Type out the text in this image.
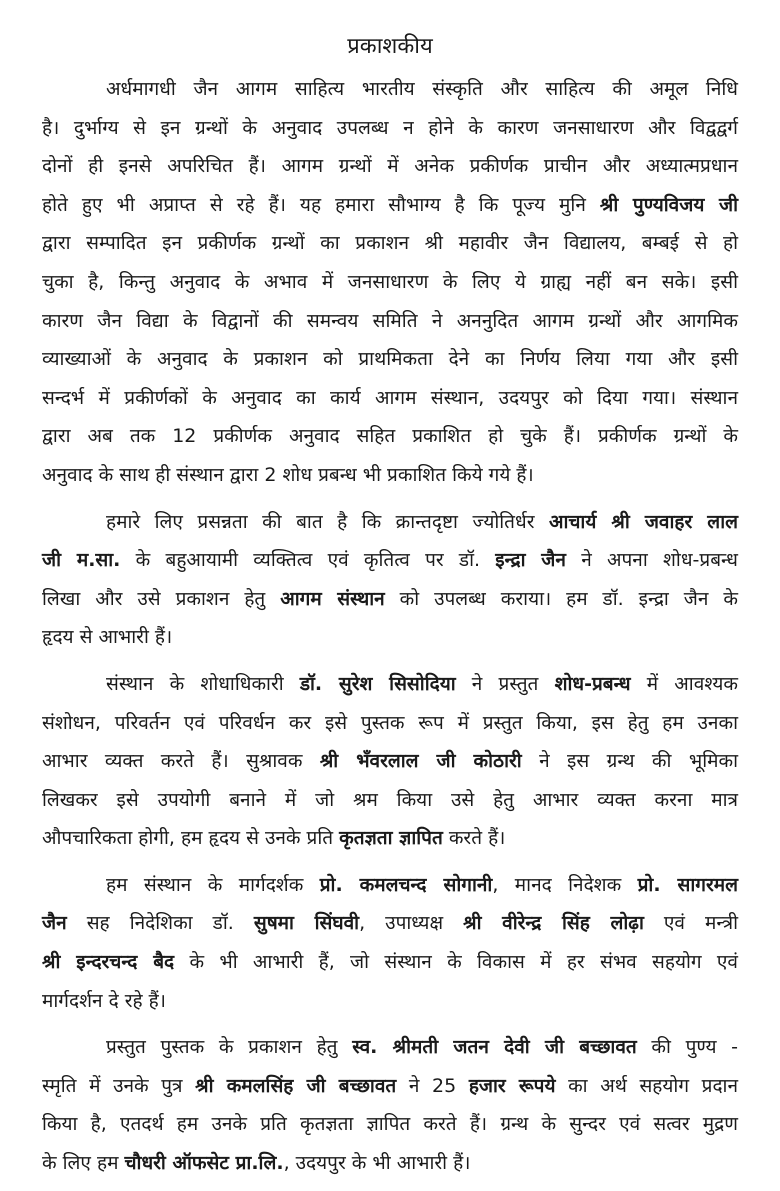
प्रकाशकीय
अर्धमागधी जैन आगम साहित्य भारतीय संस्कृति और साहित्य की अमूल निधि
है। दुर्भाग्य से इन ग्रन्थों के अनुवाद उपलब्ध न होने के कारण जनसाधारण और विद्वद्वर्ग
दोनों ही इनसे अपरिचित हैं। आगम ग्रन्थों में अनेक प्रकीर्णक प्राचीन और अध्यात्मप्रधान
होते हुए भी अप्राप्त से रहे हैं। यह हमारा सौभाग्य है कि पूज्य मुनि श्री पुण्यविजय जी
द्वारा सम्पादित इन प्रकीर्णक ग्रन्थों का प्रकाशन श्री महावीर जैन विद्यालय, बम्बई से हो
चुका है, किन्तु अनुवाद के अभाव में जनसाधारण के लिए ये ग्राह्य नहीं बन सके। इसी
कारण जैन विद्या के विद्वानों की समन्वय समिति ने अननुदित आगम ग्रन्थों और आगमिक
व्याख्याओं के अनुवाद के प्रकाशन को प्राथमिकता देने का निर्णय लिया गया और इसी
सन्दर्भ में प्रकीर्णकों के अनुवाद का कार्य आगम संस्थान, उदयपुर को दिया गया। संस्थान
द्वारा अब तक 12 प्रकीर्णक अनुवाद सहित प्रकाशित हो चुके हैं। प्रकीर्णक ग्रन्थों के
अनुवाद के साथ ही संस्थान द्वारा 2 शोध प्रबन्ध भी प्रकाशित किये गये हैं।
हमारे लिए प्रसन्नता की बात है कि क्रान्तदृष्टा ज्योतिर्धर आचार्य श्री जवाहर लाल
जी म.सा. के बहुआयामी व्यक्तित्व एवं कृतित्व पर डॉ. इन्द्रा जैन ने अपना शोध-प्रबन्ध
लिखा और उसे प्रकाशन हेतु आगम संस्थान को उपलब्ध कराया। हम डॉ. इन्द्रा जैन के
हृदय से आभारी हैं।
संस्थान के शोधाधिकारी डॉ. सुरेश सिसोदिया ने प्रस्तुत शोध-प्रबन्ध में आवश्यक
संशोधन, परिवर्तन एवं परिवर्धन कर इसे पुस्तक रूप में प्रस्तुत किया, इस हेतु हम उनका
आभार व्यक्त करते हैं। सुश्रावक श्री भँवरलाल जी कोठारी ने इस ग्रन्थ की भूमिका
लिखकर इसे उपयोगी बनाने में जो श्रम किया उसे हेतु आभार व्यक्त करना मात्र
औपचारिकता होगी, हम हृदय से उनके प्रति कृतज्ञता ज्ञापित करते हैं।
हम संस्थान के मार्गदर्शक प्रो. कमलचन्द सोगानी, मानद निदेशक प्रो. सागरमल
जैन सह निदेशिका डॉ. सुषमा सिंघवी, उपाध्यक्ष श्री वीरेन्द्र सिंह लोढ़ा एवं मन्त्री
श्री इन्दरचन्द बैद के भी आभारी हैं, जो संस्थान के विकास में हर संभव सहयोग एवं
मार्गदर्शन दे रहे हैं।
प्रस्तुत पुस्तक के प्रकाशन हेतु स्व. श्रीमती जतन देवी जी बच्छावत की पुण्य -
स्मृति में उनके पुत्र श्री कमलसिंह जी बच्छावत ने 25 हजार रूपये का अर्थ सहयोग प्रदान
किया है, एतदर्थ हम उनके प्रति कृतज्ञता ज्ञापित करते हैं। ग्रन्थ के सुन्दर एवं सत्वर मुद्रण
के लिए हम चौधरी ऑफसेट प्रा.लि., उदयपुर के भी आभारी हैं।
